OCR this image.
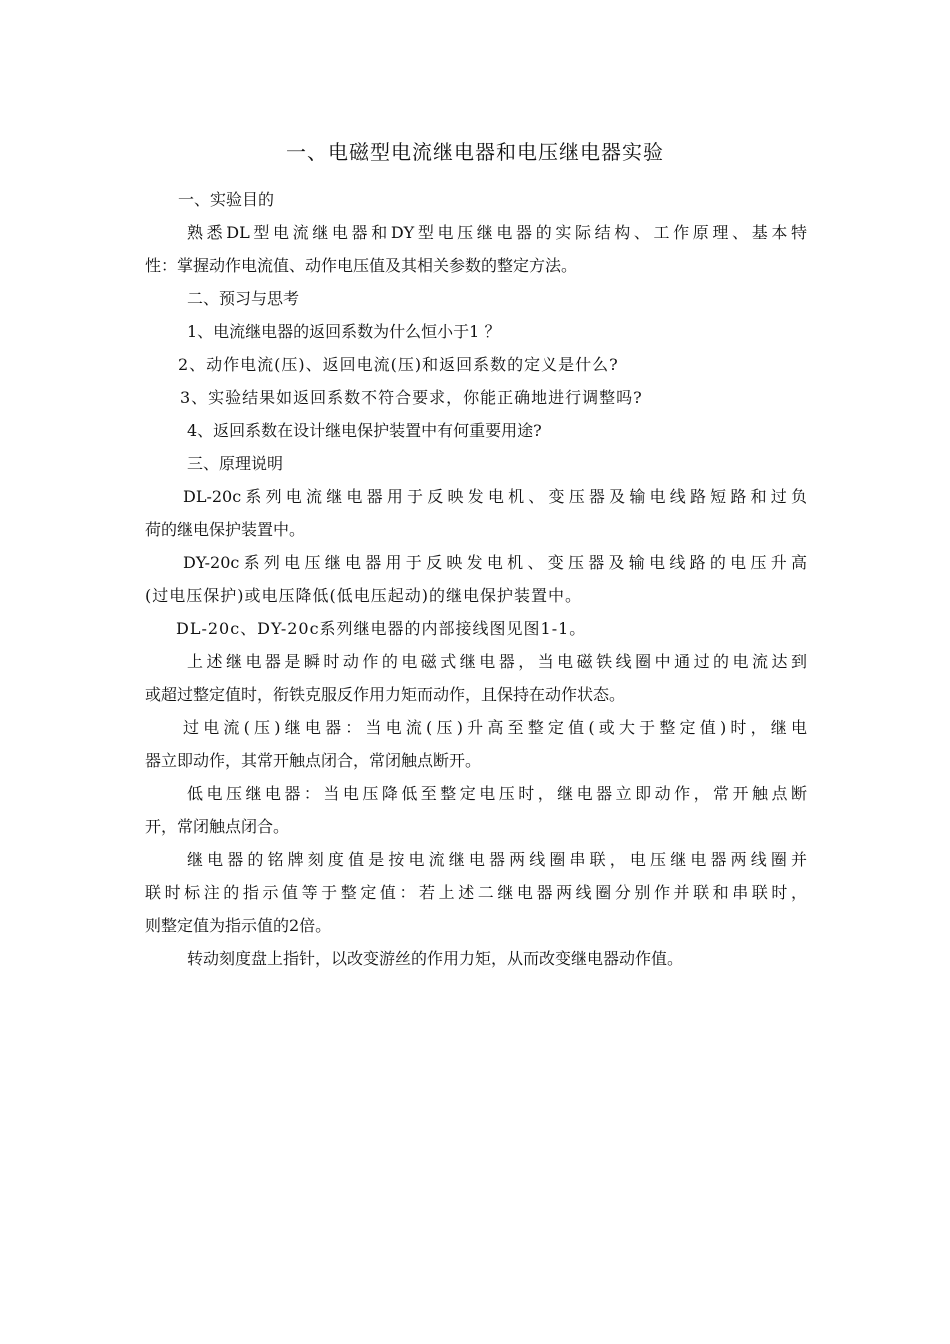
一、电磁型电流继电器和电压继电器实验
一、实验目的
熟悉DL型电流继电器和DY型电压继电器的实际结构、工作原理、基本特
性：掌握动作电流值、动作电压值及其相关参数的整定方法。
二、预习与思考
1、电流继电器的返回系数为什么恒小于1 ？
2、动作电流(压)、返回电流(压)和返回系数的定义是什么?
3、实验结果如返回系数不符合要求，你能正确地进行调整吗?
4、返回系数在设计继电保护装置中有何重要用途?
三、原理说明
DL-20c系列电流继电器用于反映发电机、变压器及输电线路短路和过负
荷的继电保护装置中。
DY-20c系列电压继电器用于反映发电机、变压器及输电线路的电压升高
(过电压保护)或电压降低(低电压起动)的继电保护装置中。
DL-20c、DY-20c系列继电器的内部接线图见图1-1。
上述继电器是瞬时动作的电磁式继电器，当电磁铁线圈中通过的电流达到
或超过整定值时，衔铁克服反作用力矩而动作，且保持在动作状态。
过电流(压)继电器：当电流(压)升高至整定值(或大于整定值)时，继电
器立即动作，其常开触点闭合，常闭触点断开。
低电压继电器：当电压降低至整定电压时，继电器立即动作，常开触点断
开，常闭触点闭合。
继电器的铭牌刻度值是按电流继电器两线圈串联，电压继电器两线圈并
联时标注的指示值等于整定值：若上述二继电器两线圈分别作并联和串联时，
则整定值为指示值的2倍。
转动刻度盘上指针，以改变游丝的作用力矩，从而改变继电器动作值。
